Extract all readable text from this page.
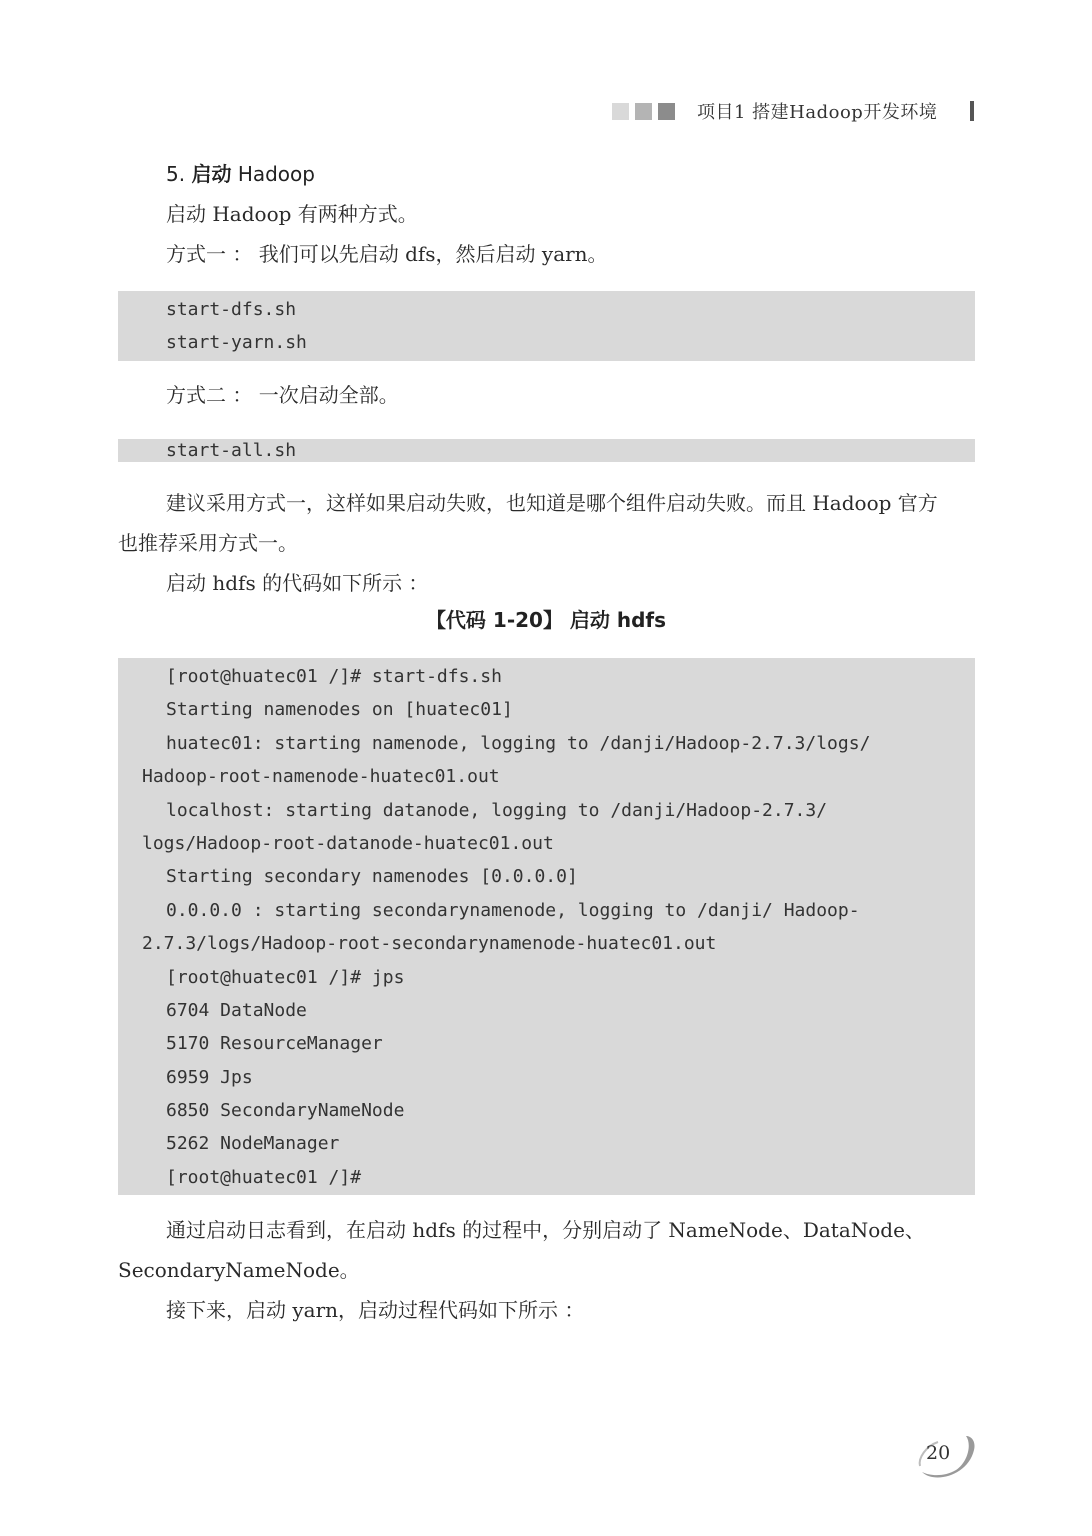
项目1 搭建Hadoop开发环境
5. 启动 Hadoop
启动 Hadoop 有两种方式。
方式一 ： 我们可以先启动 dfs，然后启动 yarn。
start-dfs.sh
start-yarn.sh
方式二 ： 一次启动全部。
start-all.sh
建议采用方式一，这样如果启动失败，也知道是哪个组件启动失败。而且 Hadoop 官方也推荐采用方式一。
启动 hdfs 的代码如下所示 ：
【代码 1-20】 启动 hdfs
[root@huatec01 /]# start-dfs.sh
Starting namenodes on [huatec01]
huatec01: starting namenode, logging to /danji/Hadoop-2.7.3/logs/
Hadoop-root-namenode-huatec01.out
localhost: starting datanode, logging to /danji/Hadoop-2.7.3/
logs/Hadoop-root-datanode-huatec01.out
Starting secondary namenodes [0.0.0.0]
0.0.0.0 : starting secondarynamenode, logging to /danji/ Hadoop-
2.7.3/logs/Hadoop-root-secondarynamenode-huatec01.out
[root@huatec01 /]# jps
6704 DataNode
5170 ResourceManager
6959 Jps
6850 SecondaryNameNode
5262 NodeManager
[root@huatec01 /]#
通过启动日志看到，在启动 hdfs 的过程中，分别启动了 NameNode、DataNode、SecondaryNameNode。
接下来，启动 yarn，启动过程代码如下所示 ：
20
